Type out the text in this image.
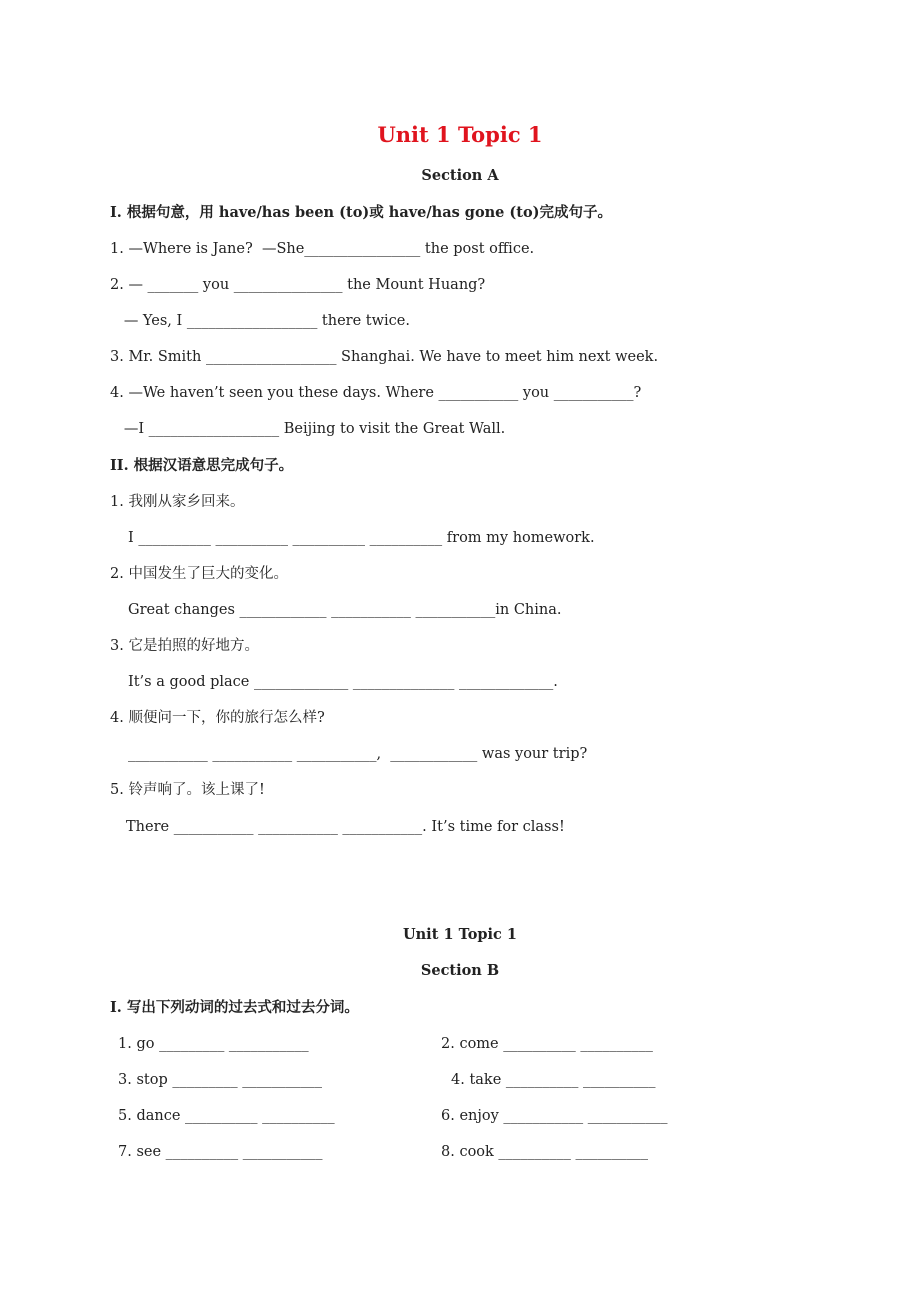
Unit 1 Topic 1
Section A
I. 根据句意，用 have/has been (to)或 have/has gone (to)完成句子。
1. —Where is Jane?  —She________________ the post office.
2. — _______ you _______________ the Mount Huang?
— Yes, I __________________ there twice.
3. Mr. Smith __________________ Shanghai. We have to meet him next week.
4. —We haven’t seen you these days. Where ___________ you ___________?
—I __________________ Beijing to visit the Great Wall.
II. 根据汉语意思完成句子。
1. 我刚从家乡回来。
I __________ __________ __________ __________ from my homework.
2. 中国发生了巨大的变化。
Great changes ____________ ___________ ___________in China.
3. 它是拍照的好地方。
It’s a good place _____________ ______________ _____________.
4. 顺便问一下，你的旅行怎么样?
___________ ___________ ___________,  ____________ was your trip?
5. 铃声响了。该上课了!
There ___________ ___________ ___________. It’s time for class!
Unit 1 Topic 1
Section B
I. 写出下列动词的过去式和过去分词。
1. go _________ ___________	2. come __________ __________
3. stop _________ ___________	4. take __________ __________
5. dance __________ __________	6. enjoy ___________ ___________
7. see __________ ___________	8. cook __________ __________
